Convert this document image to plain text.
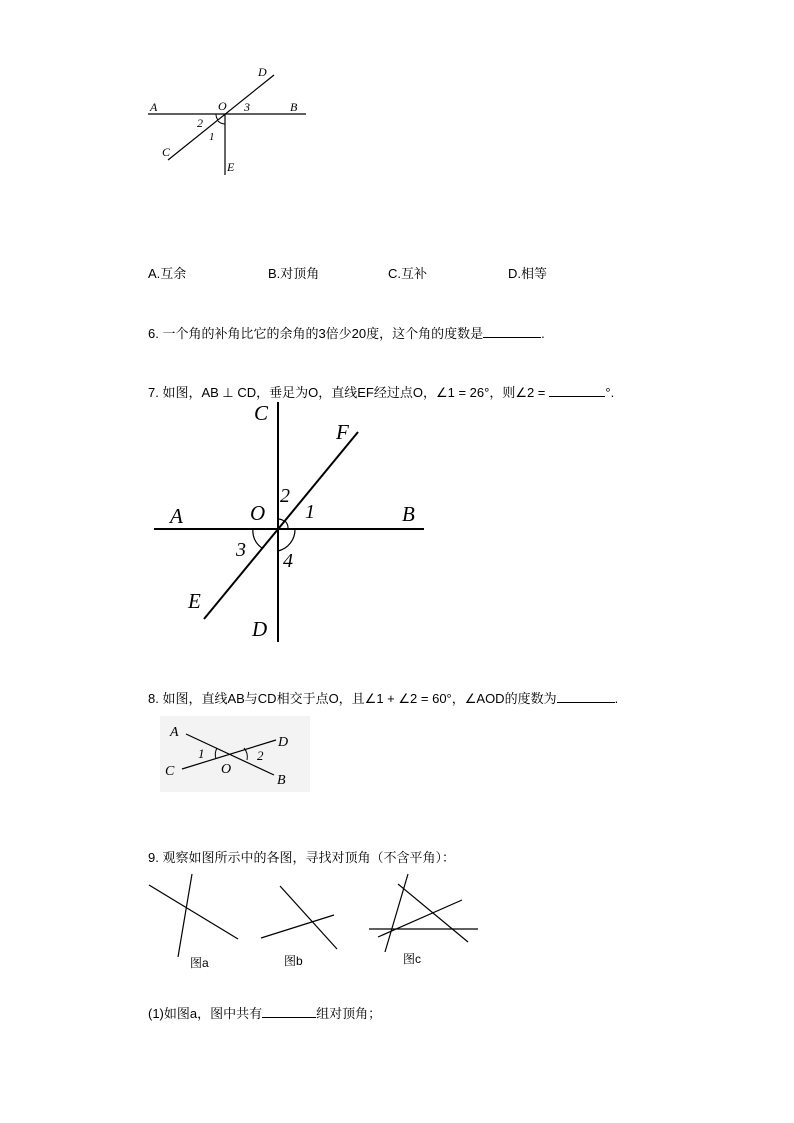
A	B
C
D
E
O
2
1
3
A.互余	B.对顶角	C.互补	D.相等
6. 一个角的补角比它的余角的3倍少20度，这个角的度数是	.
7. 如图，AB ⊥ CD，垂足为O，直线EF经过点O，∠1 = 26°，则∠2 =	°.
A	B
C
D
E
F
O 1
2
3 4
8. 如图，直线AB与CD相交于点O，且∠1 + ∠2 = 60°，∠AOD的度数为	.
A
B
C
D
O
1	2
9. 观察如图所示中的各图，寻找对顶角（不含平角）：
图a	图b	图c
(1)如图a，图中共有	组对顶角；
